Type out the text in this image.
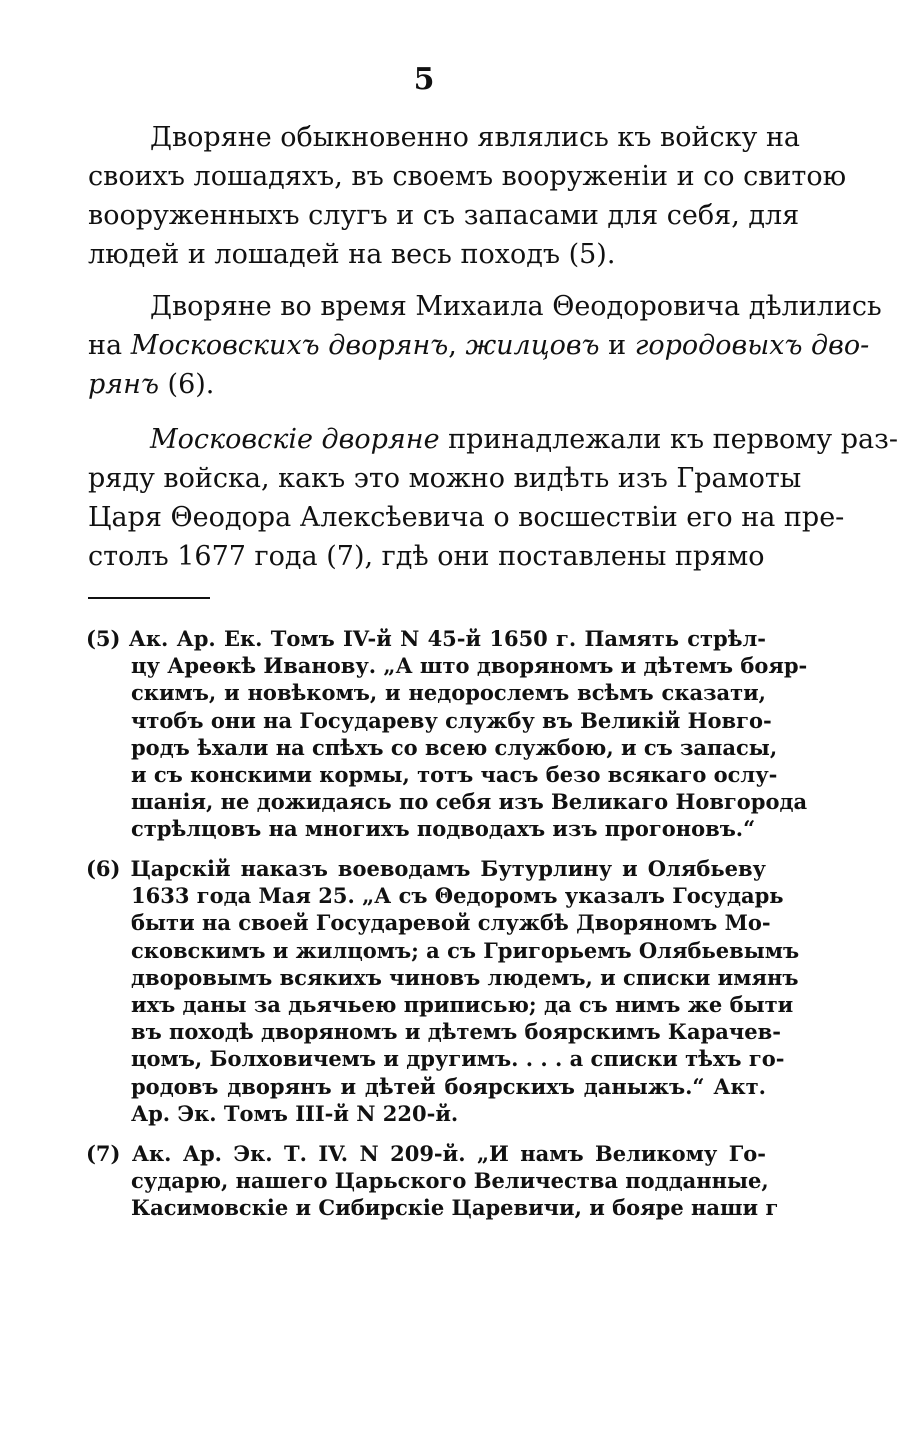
5
Дворяне обыкновенно являлись къ войску на
своихъ лошадяхъ, въ своемъ вооруженіи и со свитою
вооруженныхъ слугъ и съ запасами для себя, для
людей и лошадей на весь походъ (5).
Дворяне во время Михаила Θеодоровича дѣлились
на Московскихъ дворянъ, жилцовъ и городовыхъ дво-
рянъ (6).
Московскіе дворяне принадлежали къ первому раз-
ряду войска, какъ это можно видѣть изъ Грамоты
Царя Θеодора Алексѣевича о восшествіи его на пре-
столъ 1677 года (7), гдѣ они поставлены прямо
(5) Ак. Ар. Ек. Томъ IV-й N 45-й 1650 г. Память стрѣл-
цу Ареѳкѣ Иванову. „А што дворяномъ и дѣтемъ бояр-
скимъ, и новѣкомъ, и недорослемъ всѣмъ сказати,
чтобъ они на Государеву службу въ Великій Новго-
родъ ѣхали на спѣхъ со всею службою, и съ запасы,
и съ конскими кормы, тотъ часъ безо всякаго ослу-
шанія, не дожидаясь по себя изъ Великаго Новгорода
стрѣлцовъ на многихъ подводахъ изъ прогоновъ.“
(6) Царскій наказъ воеводамъ Бутурлину и Олябьеву
1633 года Мая 25. „А съ Θедоромъ указалъ Государь
быти на своей Государевой службѣ Дворяномъ Мо-
сковскимъ и жилцомъ; а съ Григорьемъ Олябьевымъ
дворовымъ всякихъ чиновъ людемъ, и списки имянъ
ихъ даны за дьячьею приписью; да съ нимъ же быти
въ походѣ дворяномъ и дѣтемъ боярскимъ Карачев-
цомъ, Болховичемъ и другимъ. . . . а списки тѣхъ го-
родовъ дворянъ и дѣтей боярскихъ даныжъ.“ Акт.
Ар. Эк. Томъ III-й N 220-й.
(7) Ак. Ар. Эк. Т. IV. N 209-й. „И намъ Великому Го-
сударю, нашего Царьского Величества подданные,
Касимовскіе и Сибирскіе Царевичи, и бояре наши г
